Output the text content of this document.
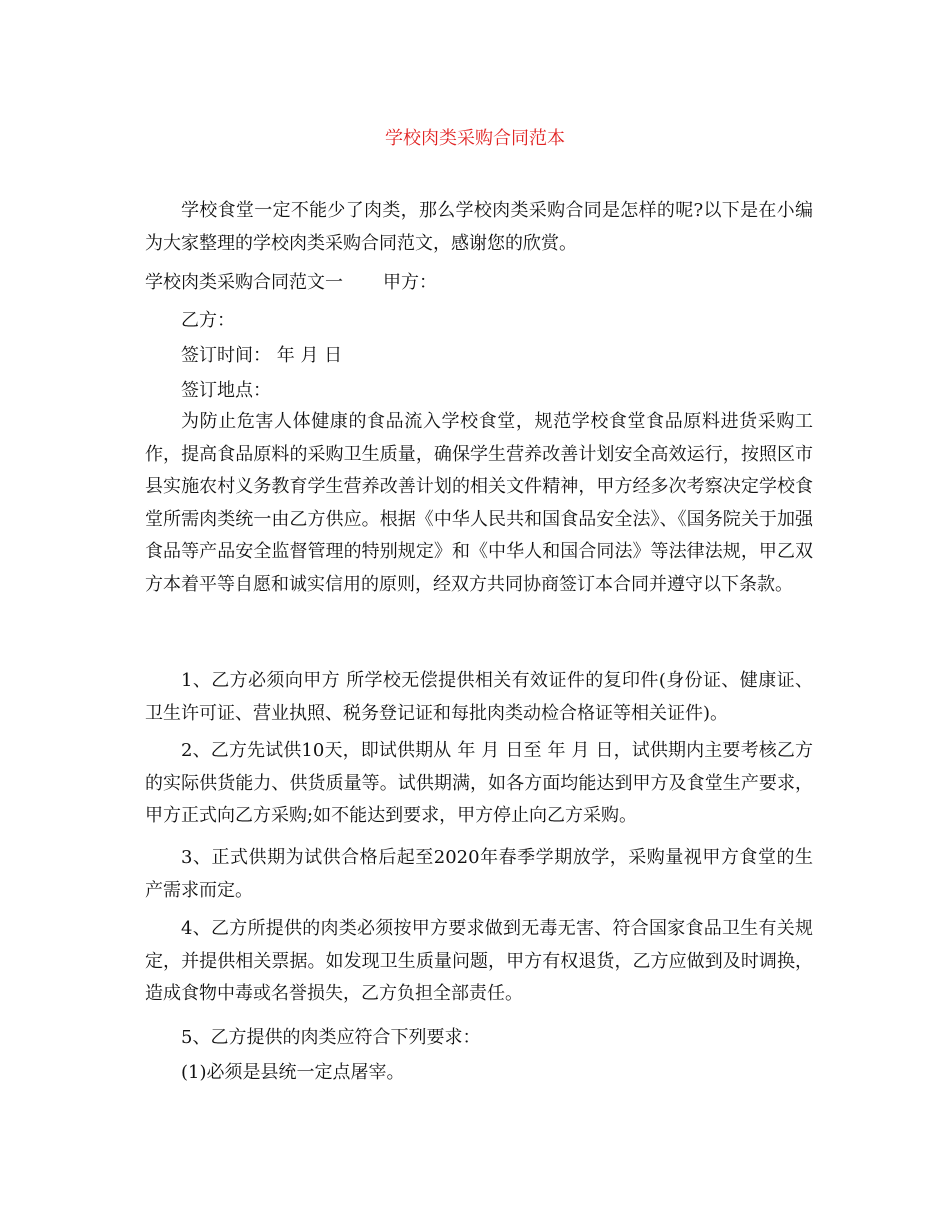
学校肉类采购合同范本

学校食堂一定不能少了肉类，那么学校肉类采购合同是怎样的呢?以下是在小编为大家整理的学校肉类采购合同范文，感谢您的欣赏。

学校肉类采购合同范文一 甲方：
乙方：
签订时间： 年 月 日
签订地点：

为防止危害人体健康的食品流入学校食堂，规范学校食堂食品原料进货采购工作，提高食品原料的采购卫生质量，确保学生营养改善计划安全高效运行，按照区市县实施农村义务教育学生营养改善计划的相关文件精神，甲方经多次考察决定学校食堂所需肉类统一由乙方供应。根据《中华人民共和国食品安全法》、《国务院关于加强食品等产品安全监督管理的特别规定》和《中华人和国合同法》等法律法规，甲乙双方本着平等自愿和诚实信用的原则，经双方共同协商签订本合同并遵守以下条款。

1、乙方必须向甲方 所学校无偿提供相关有效证件的复印件(身份证、健康证、卫生许可证、营业执照、税务登记证和每批肉类动检合格证等相关证件)。

2、乙方先试供10天，即试供期从 年 月 日至 年 月 日，试供期内主要考核乙方的实际供货能力、供货质量等。试供期满，如各方面均能达到甲方及食堂生产要求，甲方正式向乙方采购;如不能达到要求，甲方停止向乙方采购。

3、正式供期为试供合格后起至2020年春季学期放学，采购量视甲方食堂的生产需求而定。

4、乙方所提供的肉类必须按甲方要求做到无毒无害、符合国家食品卫生有关规定，并提供相关票据。如发现卫生质量问题，甲方有权退货，乙方应做到及时调换，造成食物中毒或名誉损失，乙方负担全部责任。

5、乙方提供的肉类应符合下列要求：
(1)必须是县统一定点屠宰。
